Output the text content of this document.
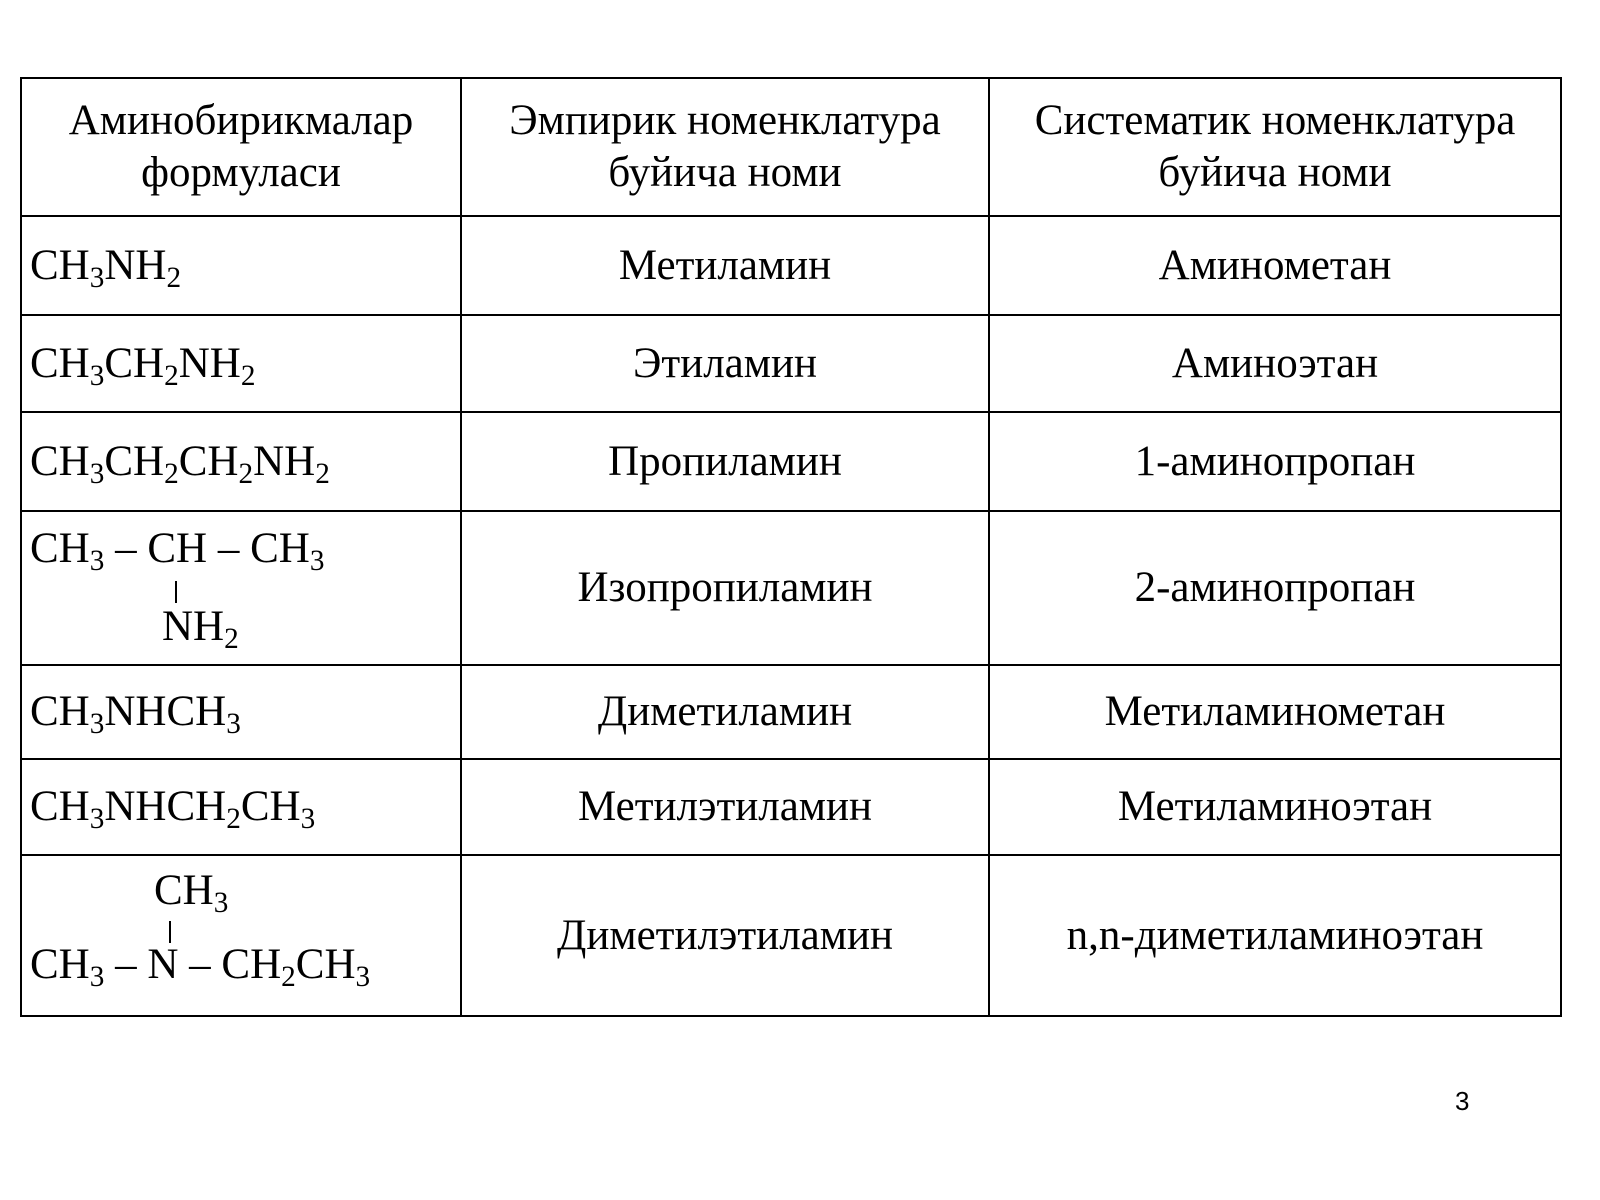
Аминобирикмалар формуласи	Эмпирик номенклатура буйича номи	Систематик номенклатура буйича номи
$CH_3NH_2$	Метиламин	Аминометан
$CH_3CH_2NH_2$	Этиламин	Аминоэтан
$CH_3CH_2CH_2NH_2$	Пропиламин	1-аминопропан

$CH_3$ – CH – $CH_3$
$NH_2$	Изопропиламин	2-аминопропан
$CH_3NHCH_3$	Диметиламин	Метиламинометан
$CH_3NHCH_2CH_3$	Метилэтиламин	Метиламиноэтан

$CH_3$
$CH_3$ – N – $CH_2CH_3$	Диметилэтиламин	n,n-диметиламиноэтан
3
